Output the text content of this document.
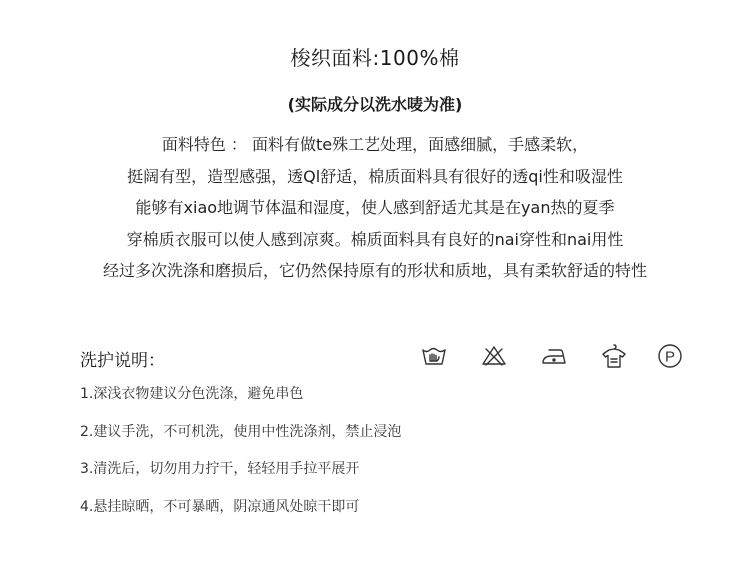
梭织面料:100%棉
(实际成分以洗水唛为准)
面料特色 ： 面料有做te殊工艺处理，面感细腻，手感柔软，
挺阔有型，造型感强，透Ql舒适，棉质面料具有很好的透qi性和吸湿性
能够有xiao地调节体温和湿度，使人感到舒适尤其是在yan热的夏季
穿棉质衣服可以使人感到凉爽。棉质面料具有良好的nai穿性和nai用性
经过多次洗涤和磨损后，它仍然保持原有的形状和质地，具有柔软舒适的特性
洗护说明：	P
1.深浅衣物建议分色洗涤，避免串色
2.建议手洗，不可机洗，使用中性洗涤剂，禁止浸泡
3.清洗后，切勿用力拧干，轻轻用手拉平展开
4.悬挂晾晒，不可暴晒，阴凉通风处晾干即可
